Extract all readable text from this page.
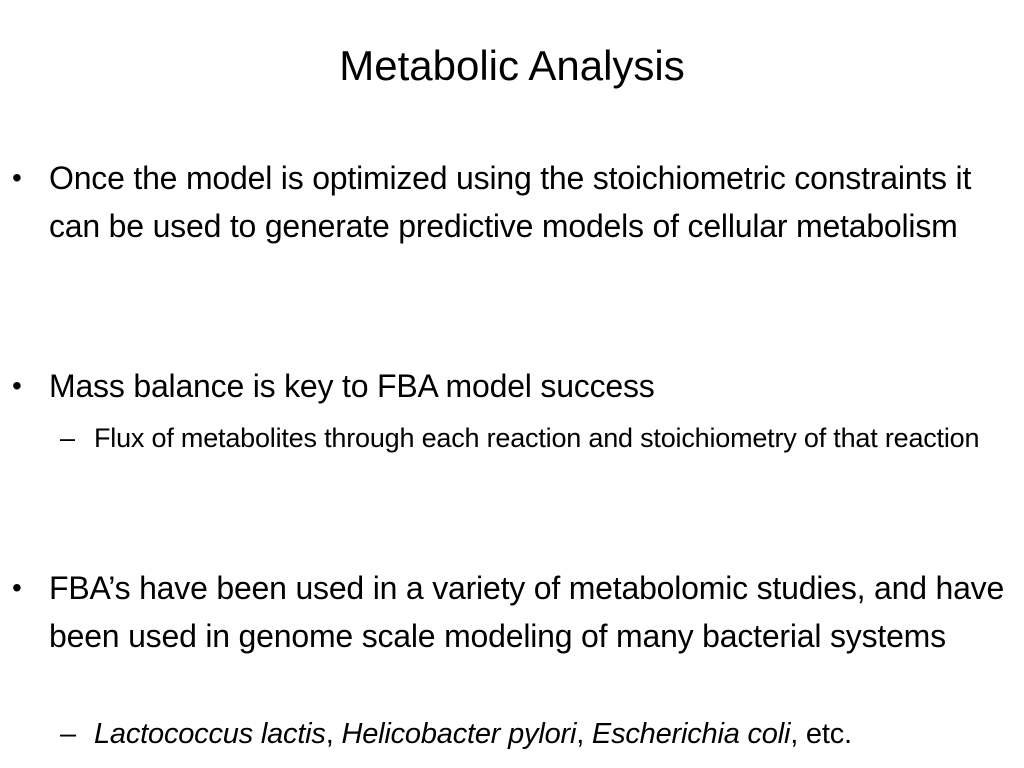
Metabolic Analysis
• Once the model is optimized using the stoichiometric constraints it can be used to generate predictive models of cellular metabolism
• Mass balance is key to FBA model success
– Flux of metabolites through each reaction and stoichiometry of that reaction
• FBA’s have been used in a variety of metabolomic studies, and have been used in genome scale modeling of many bacterial systems
– Lactococcus lactis, Helicobacter pylori, Escherichia coli, etc.
